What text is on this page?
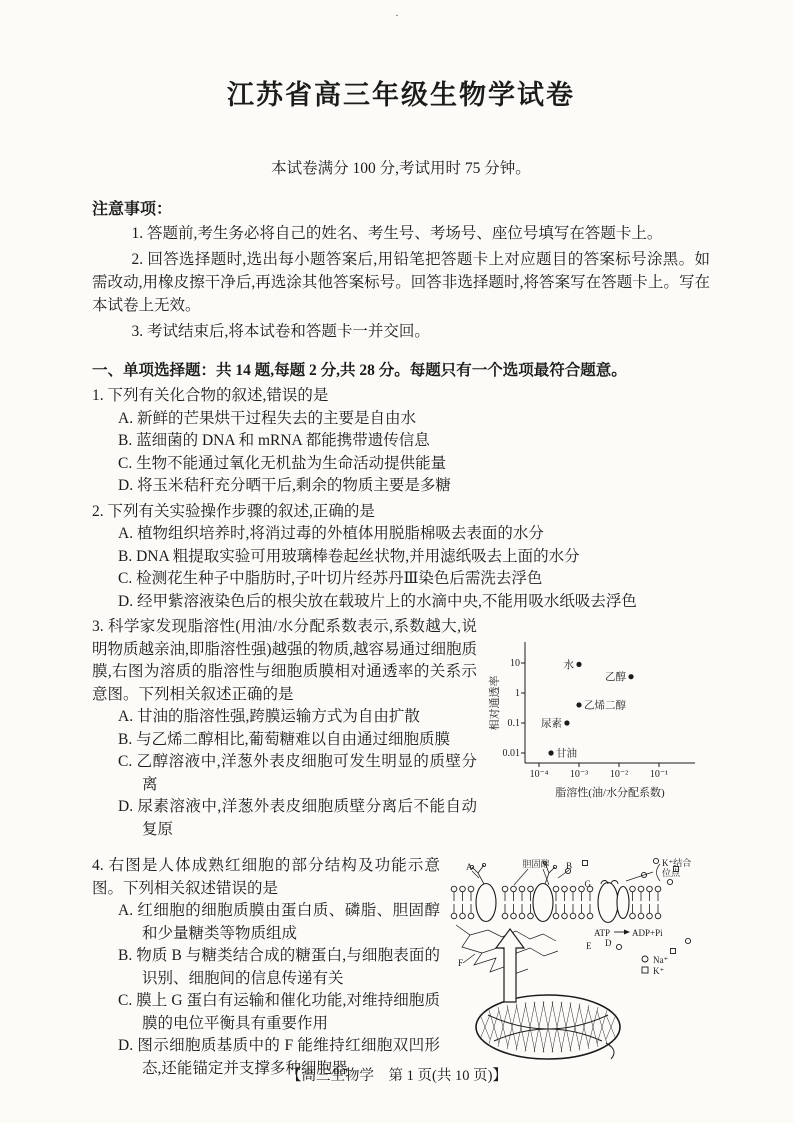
·
江苏省高三年级生物学试卷

本试卷满分 100 分,考试用时 75 分钟。

注意事项：

1. 答题前,考生务必将自己的姓名、考生号、考场号、座位号填写在答题卡上。

2. 回答选择题时,选出每小题答案后,用铅笔把答题卡上对应题目的答案标号涂黑。如需改动,用橡皮擦干净后,再选涂其他答案标号。回答非选择题时,将答案写在答题卡上。写在本试卷上无效。

3. 考试结束后,将本试卷和答题卡一并交回。

一、单项选择题：共 14 题,每题 2 分,共 28 分。每题只有一个选项最符合题意。

1. 下列有关化合物的叙述,错误的是

A. 新鲜的芒果烘干过程失去的主要是自由水

B. 蓝细菌的 DNA 和 mRNA 都能携带遗传信息

C. 生物不能通过氧化无机盐为生命活动提供能量

D. 将玉米秸秆充分晒干后,剩余的物质主要是多糖

2. 下列有关实验操作步骤的叙述,正确的是

A. 植物组织培养时,将消过毒的外植体用脱脂棉吸去表面的水分

B. DNA 粗提取实验可用玻璃棒卷起丝状物,并用滤纸吸去上面的水分

C. 检测花生种子中脂肪时,子叶切片经苏丹Ⅲ染色后需洗去浮色

D. 经甲紫溶液染色后的根尖放在载玻片上的水滴中央,不能用吸水纸吸去浮色

10
1
0.1
0.01
10⁻⁴ 10⁻³ 10⁻² 10⁻¹
相对通透率
脂溶性(油/水分配系数)
水
乙醇
乙烯二醇
尿素
甘油

3. 科学家发现脂溶性(用油/水分配系数表示,系数越大,说明物质越亲油,即脂溶性强)越强的物质,越容易通过细胞质膜,右图为溶质的脂溶性与细胞质膜相对通透率的关系示意图。下列相关叙述正确的是

A. 甘油的脂溶性强,跨膜运输方式为自由扩散

B. 与乙烯二醇相比,葡萄糖难以自由通过细胞质膜

C. 乙醇溶液中,洋葱外表皮细胞可发生明显的质壁分离

D. 尿素溶液中,洋葱外表皮细胞质壁分离后不能自动复原

A	胆固醇 B	K⁺结合
位点
G
ATP ADP+Pi
E D
F	Na⁺
K⁺

4. 右图是人体成熟红细胞的部分结构及功能示意图。下列相关叙述错误的是

A. 红细胞的细胞质膜由蛋白质、磷脂、胆固醇和少量糖类等物质组成

B. 物质 B 与糖类结合成的糖蛋白,与细胞表面的识别、细胞间的信息传递有关

C. 膜上 G 蛋白有运输和催化功能,对维持细胞质膜的电位平衡具有重要作用

D. 图示细胞质基质中的 F 能维持红细胞双凹形态,还能锚定并支撑多种细胞器

【高三生物学　第 1 页(共 10 页)】
